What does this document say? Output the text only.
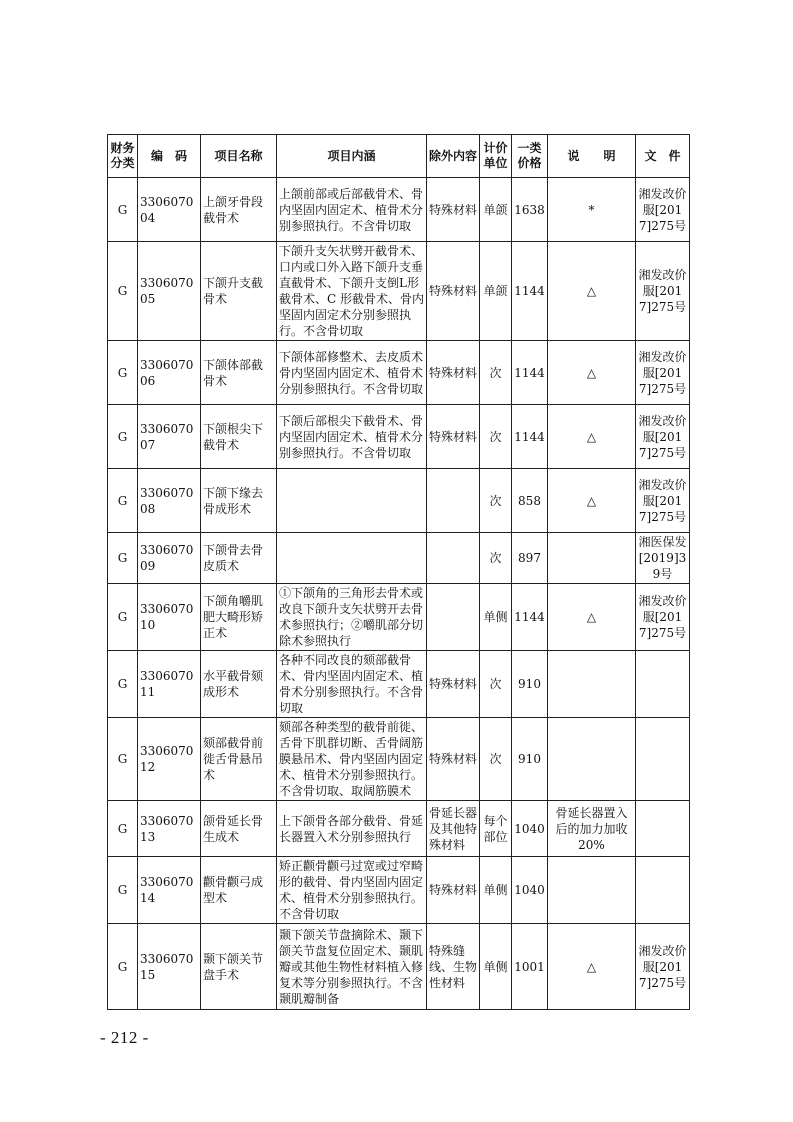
财务分类	编　码	项目名称	项目内涵	除外内容	计价单位	一类价格	说　　明	文　件
G	330607004	上颌牙骨段截骨术	上颌前部或后部截骨术、骨内坚固内固定术、植骨术分别参照执行。不含骨切取	特殊材料	单颌	1638	*	湘发改价服[2017]275号
G	330607005	下颌升支截骨术	下颌升支矢状劈开截骨术、口内或口外入路下颌升支垂直截骨术、下颌升支倒L形截骨术、C 形截骨术、骨内坚固内固定术分别参照执行。不含骨切取	特殊材料	单颌	1144	△	湘发改价服[2017]275号
G	330607006	下颌体部截骨术	下颌体部修整术、去皮质术骨内坚固内固定术、植骨术分别参照执行。不含骨切取	特殊材料	次	1144	△	湘发改价服[2017]275号
G	330607007	下颌根尖下截骨术	下颌后部根尖下截骨术、骨内坚固内固定术、植骨术分别参照执行。不含骨切取	特殊材料	次	1144	△	湘发改价服[2017]275号
G	330607008	下颌下缘去骨成形术			次	858	△	湘发改价服[2017]275号
G	330607009	下颌骨去骨皮质术			次	897		湘医保发[2019]39号
G	330607010	下颌角嚼肌肥大畸形矫正术	①下颌角的三角形去骨术或改良下颌升支矢状劈开去骨术参照执行；②嚼肌部分切除术参照执行		单侧	1144	△	湘发改价服[2017]275号
G	330607011	水平截骨颏成形术	各种不同改良的颏部截骨术、骨内坚固内固定术、植骨术分别参照执行。不含骨切取	特殊材料	次	910		
G	330607012	颏部截骨前徙舌骨悬吊术	颏部各种类型的截骨前徙、舌骨下肌群切断、舌骨阔筋膜悬吊术、骨内坚固内固定术、植骨术分别参照执行。不含骨切取、取阔筋膜术	特殊材料	次	910		
G	330607013	颌骨延长骨生成术	上下颌骨各部分截骨、骨延长器置入术分别参照执行	骨延长器及其他特殊材料	每个部位	1040	骨延长器置入后的加力加收 20%	
G	330607014	颧骨颧弓成型术	矫正颧骨颧弓过宽或过窄畸形的截骨、骨内坚固内固定术、植骨术分别参照执行。不含骨切取	特殊材料	单侧	1040		
G	330607015	颞下颌关节盘手术	颞下颌关节盘摘除术、颞下颌关节盘复位固定术、颞肌瓣或其他生物性材料植入修复术等分别参照执行。不含颞肌瓣制备	特殊缝线、生物性材料	单侧	1001	△	湘发改价服[2017]275号
- 212 -
